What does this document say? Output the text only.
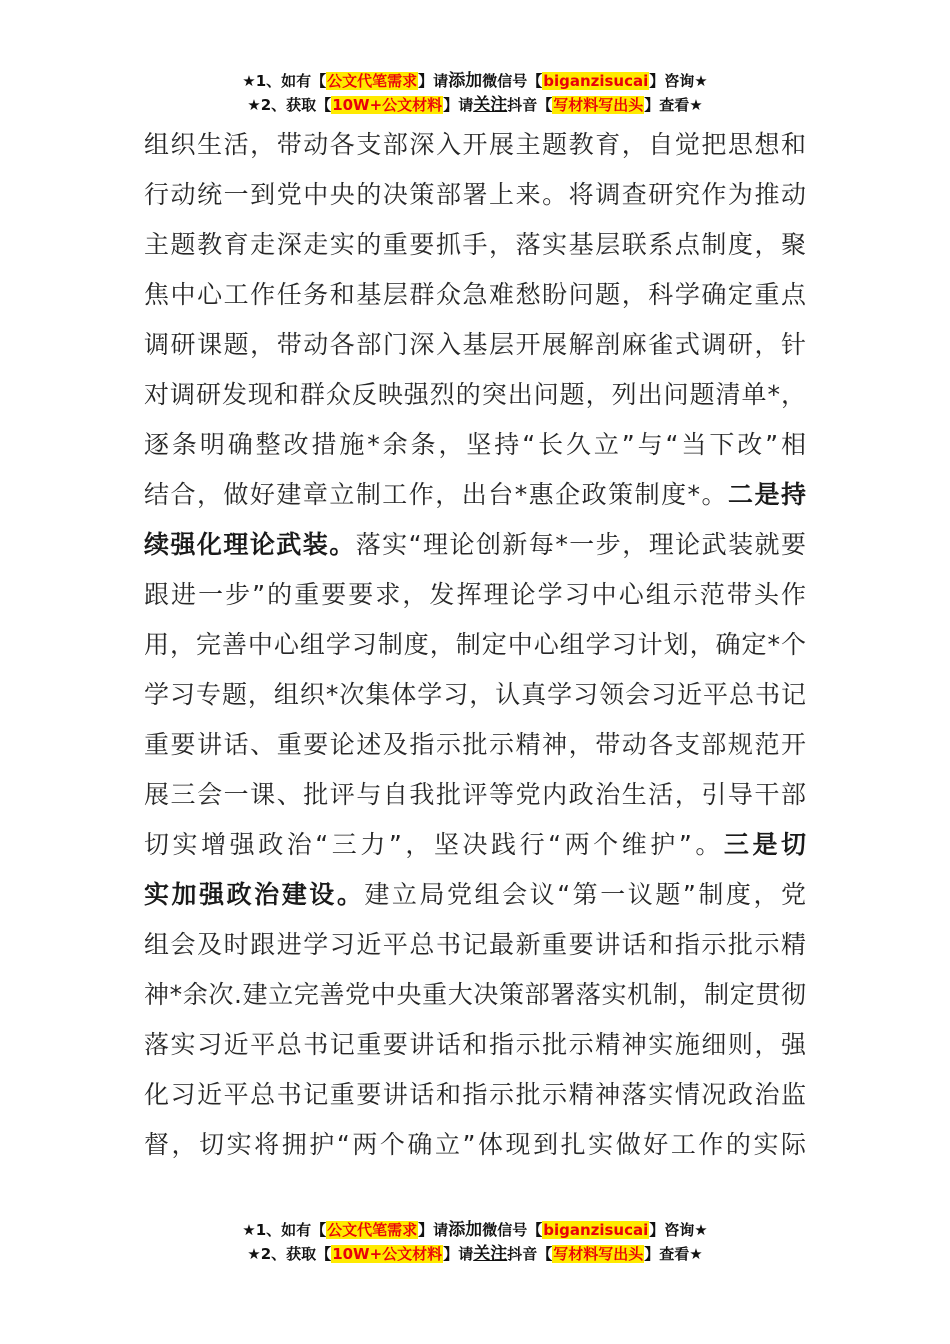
★1、如有【公文代笔需求】请添加微信号【biganzisucai】咨询★
★2、获取【10W+公文材料】请关注抖音【写材料写出头】查看★
组织生活，带动各支部深入开展主题教育，自觉把思想和
行动统一到党中央的决策部署上来。将调查研究作为推动
主题教育走深走实的重要抓手，落实基层联系点制度，聚
焦中心工作任务和基层群众急难愁盼问题，科学确定重点
调研课题，带动各部门深入基层开展解剖麻雀式调研，针
对调研发现和群众反映强烈的突出问题，列出问题清单*，
逐条明确整改措施*余条，坚持“长久立”与“当下改”相
结合，做好建章立制工作，出台*惠企政策制度*。二是持
续强化理论武装。落实“理论创新每*一步，理论武装就要
跟进一步”的重要要求，发挥理论学习中心组示范带头作
用，完善中心组学习制度，制定中心组学习计划，确定*个
学习专题，组织*次集体学习，认真学习领会习近平总书记
重要讲话、重要论述及指示批示精神，带动各支部规范开
展三会一课、批评与自我批评等党内政治生活，引导干部
切实增强政治“三力”，坚决践行“两个维护”。三是切
实加强政治建设。建立局党组会议“第一议题”制度，党
组会及时跟进学习近平总书记最新重要讲话和指示批示精
神*余次.建立完善党中央重大决策部署落实机制，制定贯彻
落实习近平总书记重要讲话和指示批示精神实施细则，强
化习近平总书记重要讲话和指示批示精神落实情况政治监
督，切实将拥护“两个确立”体现到扎实做好工作的实际
★1、如有【公文代笔需求】请添加微信号【biganzisucai】咨询★
★2、获取【10W+公文材料】请关注抖音【写材料写出头】查看★
